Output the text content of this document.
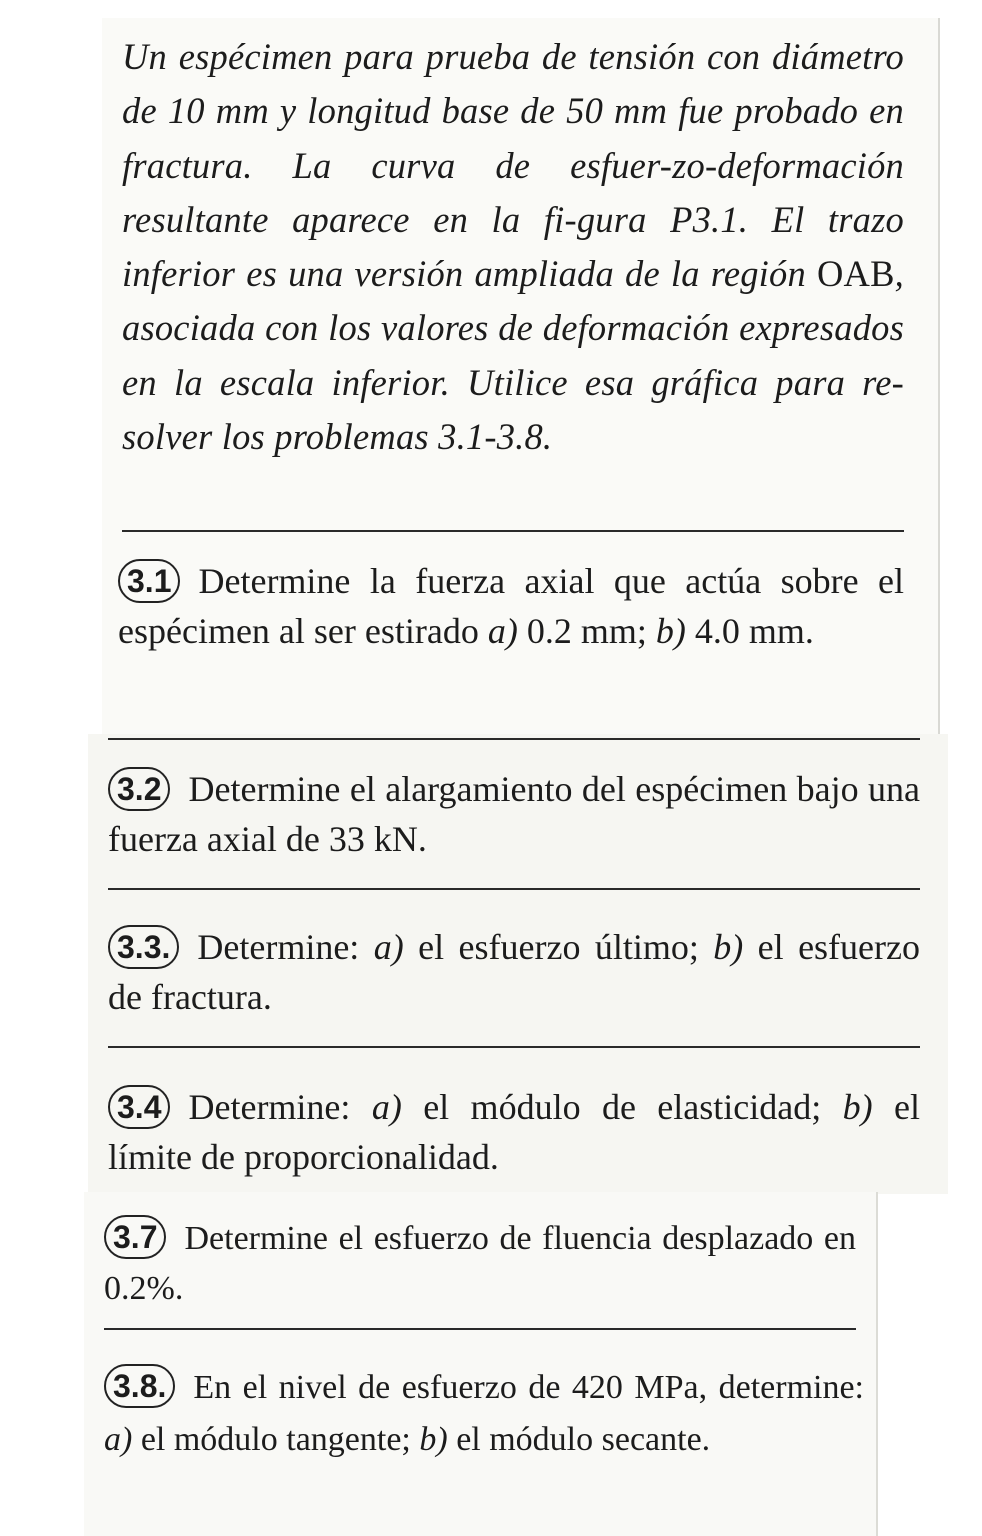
Un espécimen para prueba de tensión con diámetro de 10 mm y longitud base de 50 mm fue probado en fractura. La curva de esfuer-zo-deformación resultante aparece en la fi-gura P3.1. El trazo inferior es una versión ampliada de la región OAB, asociada con los valores de deformación expresados en la escala inferior. Utilice esa gráfica para re-solver los problemas 3.1-3.8.
3.1 Determine la fuerza axial que actúa sobre el espécimen al ser estirado a) 0.2 mm; b) 4.0 mm.
3.2 Determine el alargamiento del espécimen bajo una fuerza axial de 33 kN.
3.3. Determine: a) el esfuerzo último; b) el esfuerzo de fractura.
3.4 Determine: a) el módulo de elasticidad; b) el límite de proporcionalidad.
3.7 Determine el esfuerzo de fluencia desplazado en 0.2%.
3.8. En el nivel de esfuerzo de 420 MPa, determine: a) el módulo tangente; b) el módulo secante.
